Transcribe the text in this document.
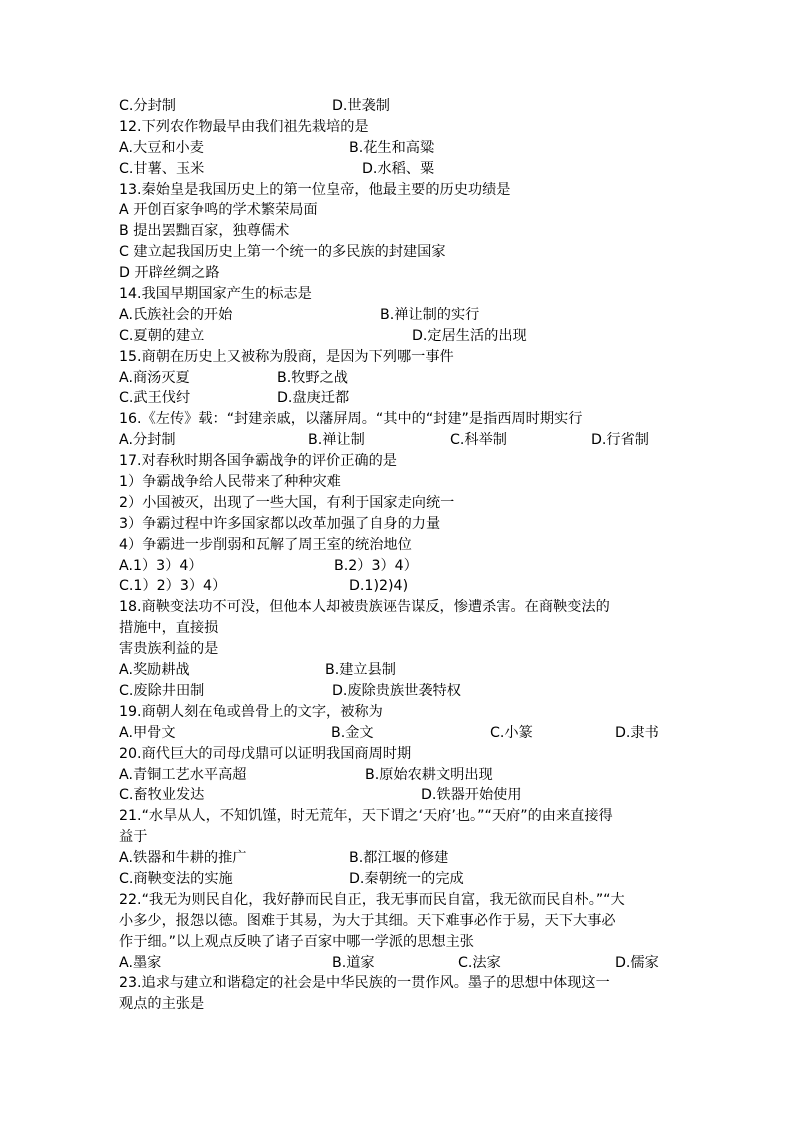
C.分封制	D.世袭制
12.下列农作物最早由我们祖先栽培的是
A.大豆和小麦	B.花生和高粱
C.甘薯、玉米	D.水稻、粟
13.秦始皇是我国历史上的第一位皇帝，他最主要的历史功绩是
A 开创百家争鸣的学术繁荣局面
B 提出罢黜百家，独尊儒术
C 建立起我国历史上第一个统一的多民族的封建国家
D 开辟丝绸之路
14.我国早期国家产生的标志是
A.氏族社会的开始	B.禅让制的实行
C.夏朝的建立	D.定居生活的出现
15.商朝在历史上又被称为殷商，是因为下列哪一事件
A.商汤灭夏	B.牧野之战
C.武王伐纣	D.盘庚迁都
16.《左传》载：“封建亲戚，以藩屏周。“其中的“封建”是指西周时期实行
A.分封制	B.禅让制	C.科举制	D.行省制
17.对春秋时期各国争霸战争的评价正确的是
1）争霸战争给人民带来了种种灾难
2）小国被灭，出现了一些大国，有利于国家走向统一
3）争霸过程中许多国家都以改革加强了自身的力量
4）争霸进一步削弱和瓦解了周王室的统治地位
A.1）3）4）	B.2）3）4）
C.1）2）3）4）	D.1)2)4)
18.商鞅变法功不可没，但他本人却被贵族诬告谋反，惨遭杀害。在商鞅变法的
措施中，直接损
害贵族利益的是
A.奖励耕战	B.建立县制
C.废除井田制	D.废除贵族世袭特权
19.商朝人刻在龟或兽骨上的文字，被称为
A.甲骨文	B.金文	C.小篆	D.隶书
20.商代巨大的司母戊鼎可以证明我国商周时期
A.青铜工艺水平高超	B.原始农耕文明出现
C.畜牧业发达	D.铁器开始使用
21.“水旱从人，不知饥馑，时无荒年，天下谓之‘天府’也。”“天府”的由来直接得
益于
A.铁器和牛耕的推广	B.都江堰的修建
C.商鞅变法的实施	D.秦朝统一的完成
22.“我无为则民自化，我好静而民自正，我无事而民自富，我无欲而民自朴。”“大
小多少，报怨以德。图难于其易，为大于其细。天下难事必作于易，天下大事必
作于细。”以上观点反映了诸子百家中哪一学派的思想主张
A.墨家	B.道家	C.法家	D.儒家
23.追求与建立和谐稳定的社会是中华民族的一贯作风。墨子的思想中体现这一
观点的主张是
